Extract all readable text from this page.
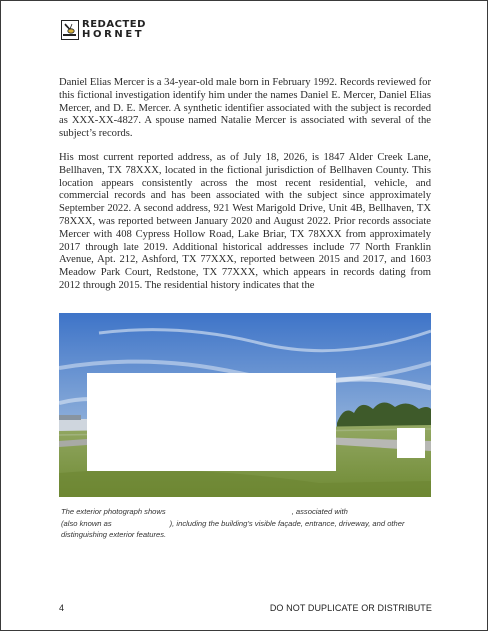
REDACTED
HORNET

Daniel Elias Mercer is a 34-year-old male born in February 1992. Records reviewed for this fictional investigation identify him under the names Daniel E. Mercer, Daniel Elias Mercer, and D. E. Mercer. A synthetic identifier associated with the subject is recorded as XXX-XX-4827. A spouse named Natalie Mercer is associated with several of the subject’s records.

His most current reported address, as of July 18, 2026, is 1847 Alder Creek Lane, Bellhaven, TX 78XXX, located in the fictional jurisdiction of Bellhaven County. This location appears consistently across the most recent residential, vehicle, and commercial records and has been associated with the subject since approximately September 2022. A second address, 921 West Marigold Drive, Unit 4B, Bellhaven, TX 78XXX, was reported between January 2020 and August 2022. Prior records associate Mercer with 408 Cypress Hollow Road, Lake Briar, TX 78XXX from approximately 2017 through late 2019. Additional historical addresses include 77 North Franklin Avenue, Apt. 212, Ashford, TX 77XXX, reported between 2015 and 2017, and 1603 Meadow Park Court, Redstone, TX 77XXX, which appears in records dating from 2012 through 2015. The residential history indicates that the

The exterior photograph shows	, associated with
(also known as	), including the building’s visible façade, entrance, driveway, and other distinguishing exterior features.
4	DO NOT DUPLICATE OR DISTRIBUTE
